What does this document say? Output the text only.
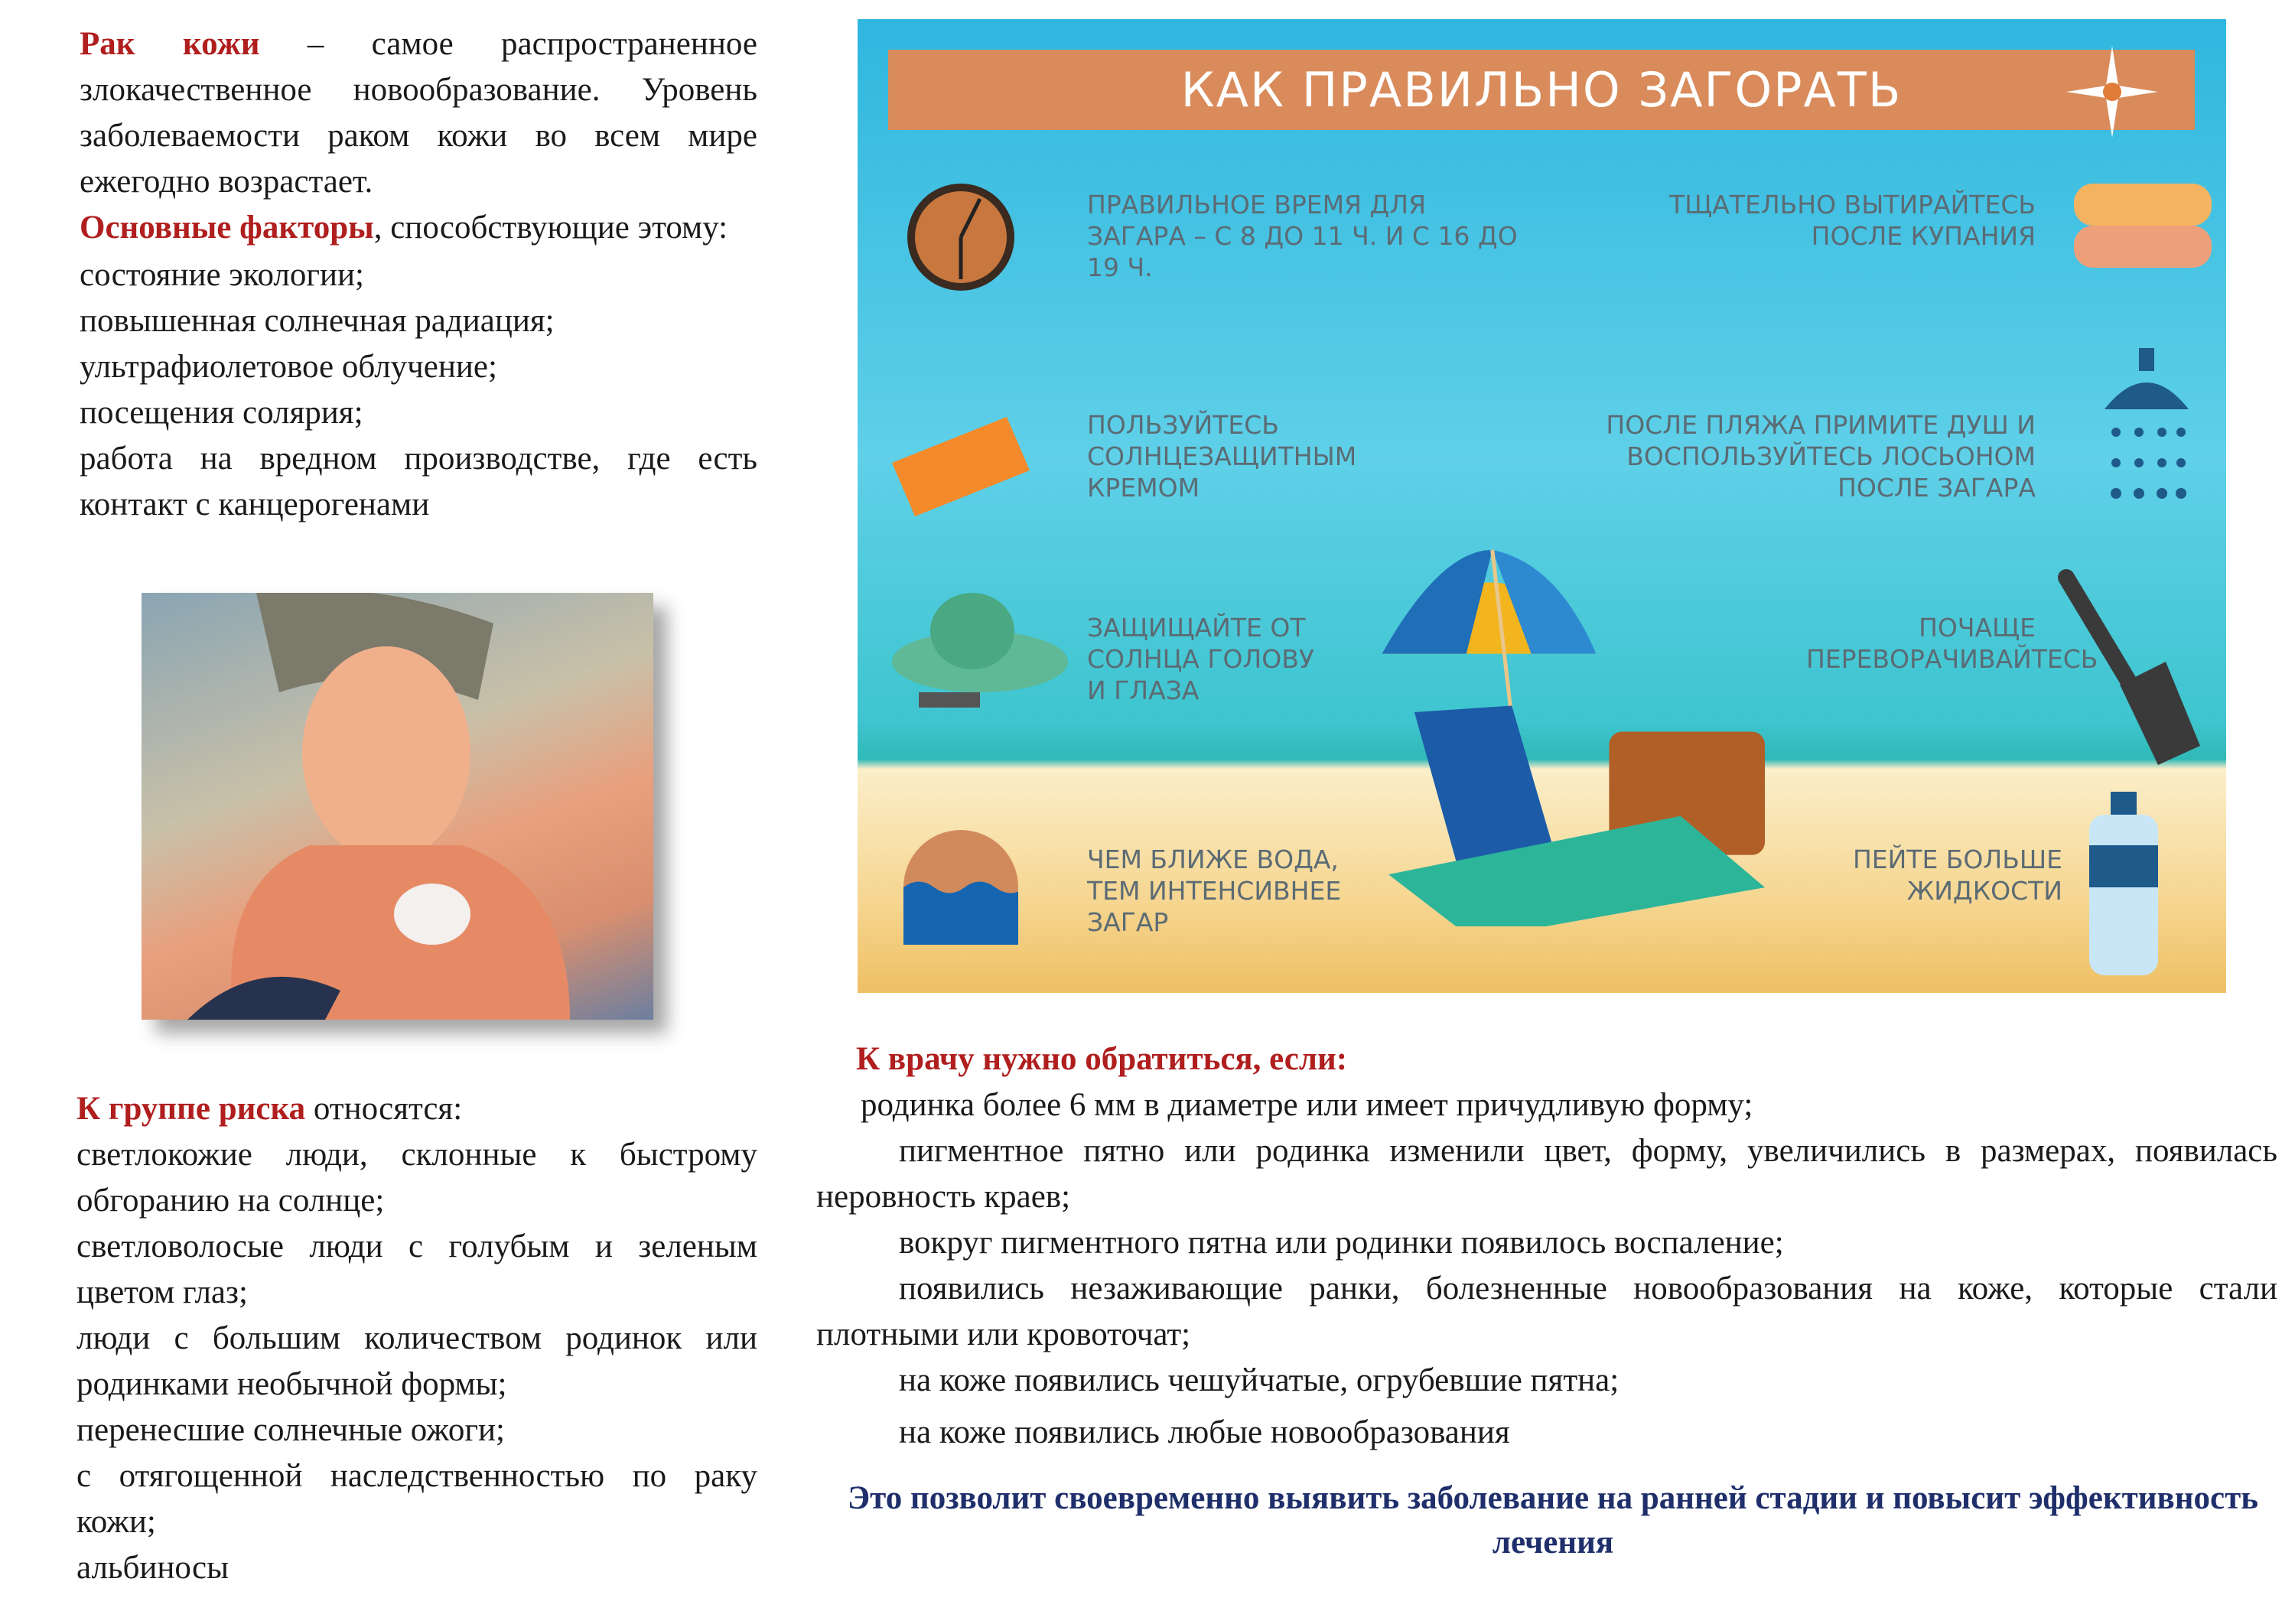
Рак кожи – самое распространенное злокачественное новообразование. Уровень заболеваемости раком кожи во всем мире ежегодно возрастает.

Основные факторы, способствующие этому:

состояние экологии;

повышенная солнечная радиация;

ультрафиолетовое облучение;

посещения солярия;

работа на вредном производстве, где есть контакт с канцерогенами

К группе риска относятся:

светлокожие люди, склонные к быстрому обгоранию на солнце;

светловолосые люди с голубым и зеленым цветом глаз;

люди с большим количеством родинок или родинками необычной формы;

перенесшие солнечные ожоги;

с отягощенной наследственностью по раку кожи;

альбиносы

КАК ПРАВИЛЬНО ЗАГОРАТЬ
ПРАВИЛЬНОЕ ВРЕМЯ ДЛЯ ЗАГАРА – С 8 ДО 11 Ч. И С 16 ДО 19 Ч.
ПОЛЬЗУЙТЕСЬ СОЛНЦЕЗАЩИТНЫМ КРЕМОМ
ЗАЩИЩАЙТЕ ОТ СОЛНЦА ГОЛОВУ И ГЛАЗА
ЧЕМ БЛИЖЕ ВОДА, ТЕМ ИНТЕНСИВНЕЕ ЗАГАР
ТЩАТЕЛЬНО ВЫТИРАЙТЕСЬ ПОСЛЕ КУПАНИЯ
ПОСЛЕ ПЛЯЖА ПРИМИТЕ ДУШ И ВОСПОЛЬЗУЙТЕСЬ ЛОСЬОНОМ ПОСЛЕ ЗАГАРА
ПОЧАЩЕ ПЕРЕВОРАЧИВАЙТЕСЬ
ПЕЙТЕ БОЛЬШЕ ЖИДКОСТИ

К врачу нужно обратиться, если:

родинка более 6 мм в диаметре или имеет причудливую форму;

пигментное пятно или родинка изменили цвет, форму, увеличились в размерах, появилась неровность краев;

вокруг пигментного пятна или родинки появилось воспаление;

появились незаживающие ранки, болезненные новообразования на коже, которые стали плотными или кровоточат;

на коже появились чешуйчатые, огрубевшие пятна;

на коже появились любые новообразования

Это позволит своевременно выявить заболевание на ранней стадии и повысит эффективность лечения
